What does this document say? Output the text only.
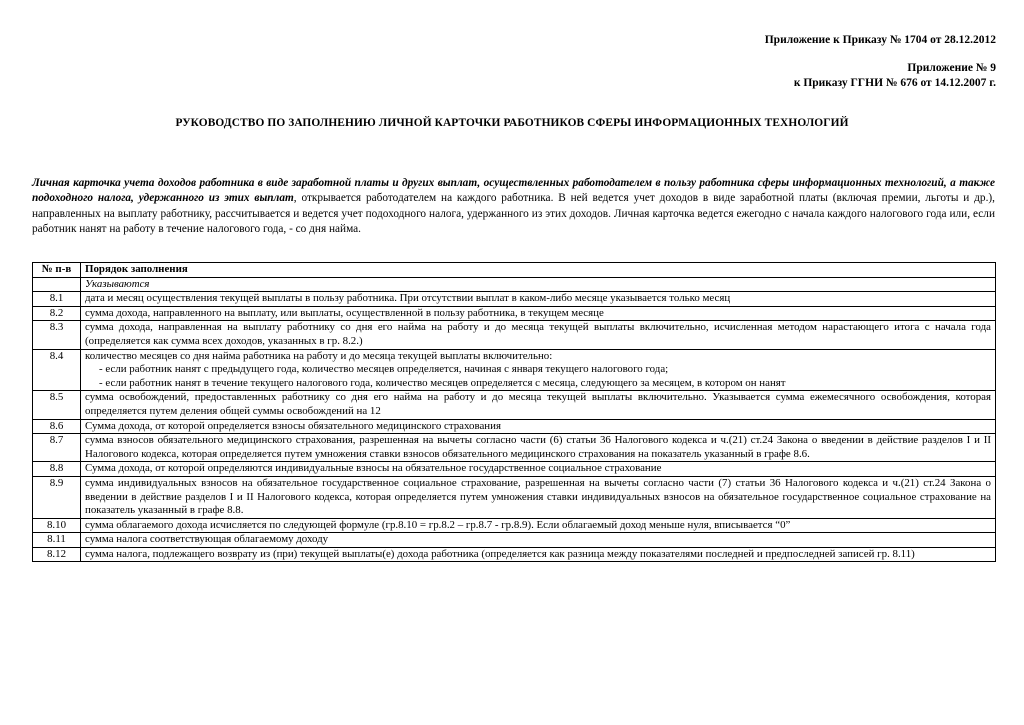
Приложение к Приказу № 1704 от 28.12.2012
Приложение № 9
к Приказу ГГНИ № 676 от 14.12.2007 г.
РУКОВОДСТВО ПО ЗАПОЛНЕНИЮ ЛИЧНОЙ КАРТОЧКИ РАБОТНИКОВ СФЕРЫ ИНФОРМАЦИОННЫХ ТЕХНОЛОГИЙ
Личная карточка учета доходов работника в виде заработной платы и других выплат, осуществленных работодателем в пользу работника сферы информационных технологий, а также подоходного налога, удержанного из этих выплат, открывается работодателем на каждого работника. В ней ведется учет доходов в виде заработной платы (включая премии, льготы и др.), направленных на выплату работнику, рассчитывается и ведется учет подоходного налога, удержанного из этих доходов. Личная карточка ведется ежегодно с начала каждого налогового года или, если работник нанят на работу в течение налогового года, - со дня найма.
№ п-в	Порядок заполнения
	Указываются
8.1	дата и месяц осуществления текущей выплаты в пользу работника. При отсутствии выплат в каком-либо месяце указывается только месяц
8.2	сумма дохода, направленного на выплату, или выплаты, осуществленной в пользу работника, в текущем месяце
8.3	сумма дохода, направленная на выплату работнику со дня его найма на работу и до месяца текущей выплаты включительно, исчисленная методом нарастающего итога с начала года (определяется как сумма всех доходов, указанных в гр. 8.2.)
8.4	количество месяцев со дня найма работника на работу и до месяца текущей выплаты включительно:
- если работник нанят с предыдущего года, количество месяцев определяется, начиная с января текущего налогового года;
- если работник нанят в течение текущего налогового года, количество месяцев определяется с месяца, следующего за месяцем, в котором он нанят

8.5	сумма освобождений, предоставленных работнику со дня его найма на работу и до месяца текущей выплаты включительно. Указывается сумма ежемесячного освобождения, которая определяется путем деления общей суммы освобождений на 12
8.6	Сумма дохода, от которой определяется взносы обязательного медицинского страхования
8.7	сумма взносов обязательного медицинского страхования, разрешенная на вычеты согласно части (6) статьи 36 Налогового кодекса и ч.(21) ст.24 Закона о введении в действие разделов I и II Налогового кодекса, которая определяется путем умножения ставки взносов обязательного медицинского страхования на показатель указанный в графе 8.6.
8.8	Сумма дохода, от которой определяются индивидуальные взносы на обязательное государственное социальное страхование
8.9	сумма индивидуальных взносов на обязательное государственное социальное страхование, разрешенная на вычеты согласно части (7) статьи 36 Налогового кодекса и ч.(21) ст.24 Закона о введении в действие разделов I и II Налогового кодекса, которая определяется путем умножения ставки индивидуальных взносов на обязательное государственное социальное страхование на показатель указанный в графе 8.8.
8.10	сумма облагаемого дохода исчисляется по следующей формуле (гр.8.10 = гр.8.2 – гр.8.7 - гр.8.9). Если облагаемый доход меньше нуля, вписывается “0”
8.11	сумма налога соответствующая облагаемому доходу
8.12	сумма налога, подлежащего возврату из (при) текущей выплаты(е) дохода работника (определяется как разница между показателями последней и предпоследней записей гр. 8.11)
